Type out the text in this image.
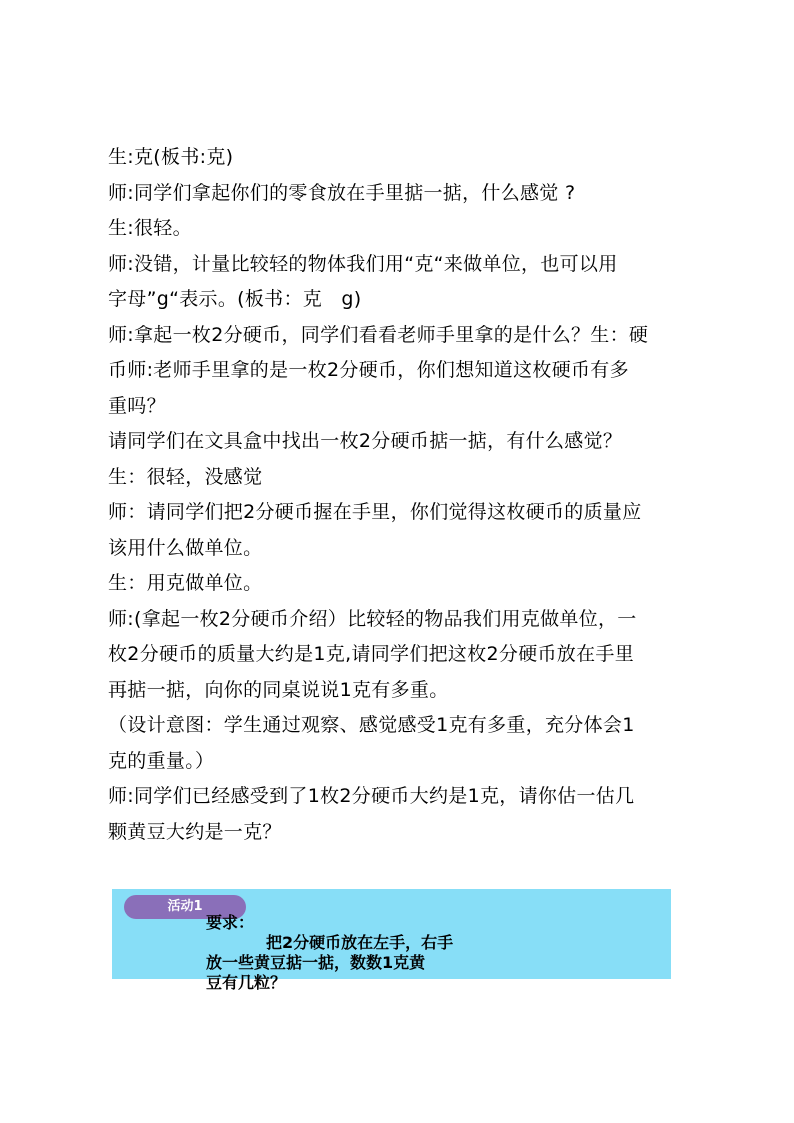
生:克(板书:克)
师:同学们拿起你们的零食放在手里掂一掂，什么感觉 ?
生:很轻。
师:没错，计量比较轻的物体我们用“克“来做单位，也可以用
字母”g“表示。(板书：克　g)
师:拿起一枚2分硬币，同学们看看老师手里拿的是什么？生：硬
币师:老师手里拿的是一枚2分硬币，你们想知道这枚硬币有多
重吗？
请同学们在文具盒中找出一枚2分硬币掂一掂，有什么感觉？
生：很轻，没感觉
师：请同学们把2分硬币握在手里，你们觉得这枚硬币的质量应
该用什么做单位。
生：用克做单位。
师:(拿起一枚2分硬币介绍）比较轻的物品我们用克做单位，一
枚2分硬币的质量大约是1克,请同学们把这枚2分硬币放在手里
再掂一掂，向你的同桌说说1克有多重。
（设计意图：学生通过观察、感觉感受1克有多重，充分体会1
克的重量。）
师:同学们已经感受到了1枚2分硬币大约是1克，请你估一估几
颗黄豆大约是一克？
活动1
要求：
把2分硬币放在左手，右手
放一些黄豆掂一掂，数数1克黄
豆有几粒？
